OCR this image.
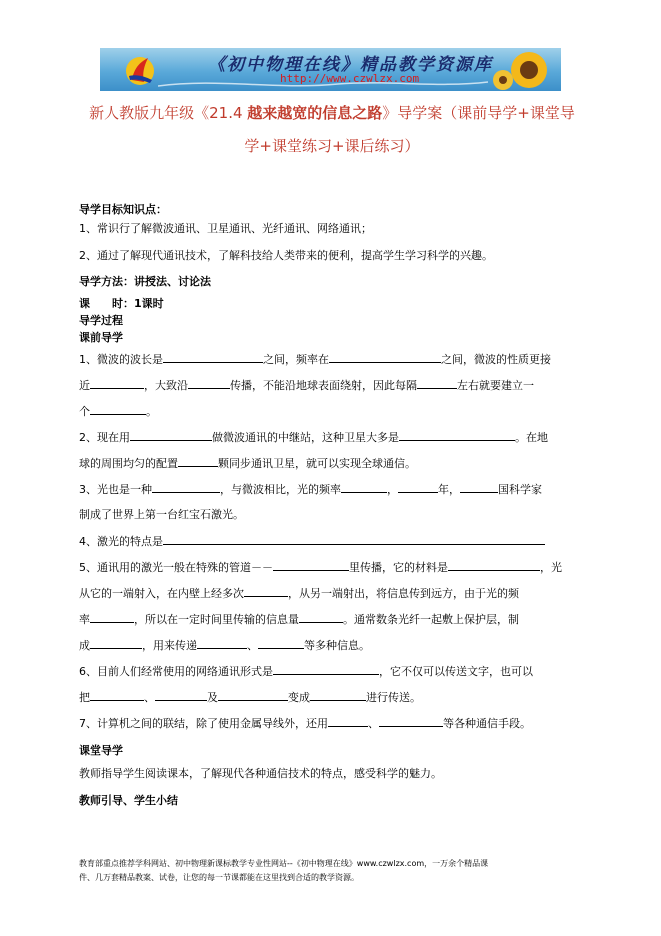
《初中物理在线》精品教学资源库
http://www.czwlzx.com
新人教版九年级《21.4 越来越宽的信息之路》导学案（课前导学+课堂导
学+课堂练习+课后练习）
导学目标知识点：
1、常识行了解微波通讯、卫星通讯、光纤通讯、网络通讯；
2、通过了解现代通讯技术，了解科技给人类带来的便利，提高学生学习科学的兴趣。
导学方法：讲授法、讨论法
课 时：1课时
导学过程
课前导学
1、微波的波长是	之间，频率在	之间，微波的性质更接
近	，大致沿	传播，不能沿地球表面绕射，因此每隔	左右就要建立一
个	。
2、现在用	做微波通讯的中继站，这种卫星大多是	。在地
球的周围均匀的配置	颗同步通讯卫星，就可以实现全球通信。
3、光也是一种	，与微波相比，光的频率	，	年，	国科学家
制成了世界上第一台红宝石激光。
4、激光的特点是
5、通讯用的激光一般在特殊的管道－－	里传播，它的材料是	，光
从它的一端射入，在内壁上经多次	，从另一端射出，将信息传到远方，由于光的频
率	，所以在一定时间里传输的信息量	。通常数条光纤一起敷上保护层，制
成	，用来传递	、	等多种信息。
6、目前人们经常使用的网络通讯形式是	，它不仅可以传送文字，也可以
把	、	及	变成	进行传送。
7、计算机之间的联结，除了使用金属导线外，还用	、	等各种通信手段。
课堂导学
教师指导学生阅读课本，了解现代各种通信技术的特点，感受科学的魅力。
教师引导、学生小结
教育部重点推荐学科网站、初中物理新课标教学专业性网站--《初中物理在线》www.czwlzx.com，一万余个精品课
件、几万套精品教案、试卷，让您的每一节课都能在这里找到合适的教学资源。
